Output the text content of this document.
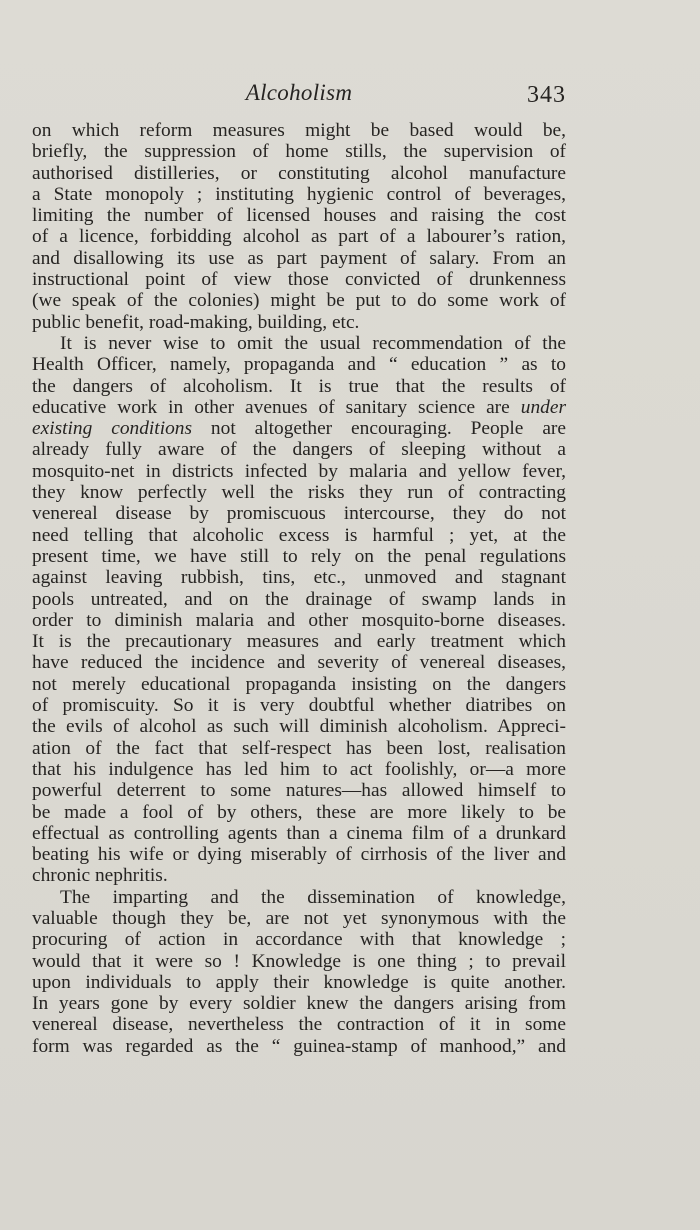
Alcoholism	343

on which reform measures might be based would be,
briefly, the suppression of home stills, the supervision of
authorised distilleries, or constituting alcohol manufacture
a State monopoly ; instituting hygienic control of beverages,
limiting the number of licensed houses and raising the cost
of a licence, forbidding alcohol as part of a labourer’s ration,
and disallowing its use as part payment of salary. From an
instructional point of view those convicted of drunkenness
(we speak of the colonies) might be put to do some work of
public benefit, road-making, building, etc.

It is never wise to omit the usual recommendation of the
Health Officer, namely, propaganda and “ education ” as to
the dangers of alcoholism. It is true that the results of
educative work in other avenues of sanitary science are under
existing conditions not altogether encouraging. People are
already fully aware of the dangers of sleeping without a
mosquito-net in districts infected by malaria and yellow fever,
they know perfectly well the risks they run of contracting
venereal disease by promiscuous intercourse, they do not
need telling that alcoholic excess is harmful ; yet, at the
present time, we have still to rely on the penal regulations
against leaving rubbish, tins, etc., unmoved and stagnant
pools untreated, and on the drainage of swamp lands in
order to diminish malaria and other mosquito-borne diseases.
It is the precautionary measures and early treatment which
have reduced the incidence and severity of venereal diseases,
not merely educational propaganda insisting on the dangers
of promiscuity. So it is very doubtful whether diatribes on
the evils of alcohol as such will diminish alcoholism. Appreci-
ation of the fact that self-respect has been lost, realisation
that his indulgence has led him to act foolishly, or—a more
powerful deterrent to some natures—has allowed himself to
be made a fool of by others, these are more likely to be
effectual as controlling agents than a cinema film of a drunkard
beating his wife or dying miserably of cirrhosis of the liver and
chronic nephritis.

The imparting and the dissemination of knowledge,
valuable though they be, are not yet synonymous with the
procuring of action in accordance with that knowledge ;
would that it were so ! Knowledge is one thing ; to prevail
upon individuals to apply their knowledge is quite another.
In years gone by every soldier knew the dangers arising from
venereal disease, nevertheless the contraction of it in some
form was regarded as the “ guinea-stamp of manhood,” and
